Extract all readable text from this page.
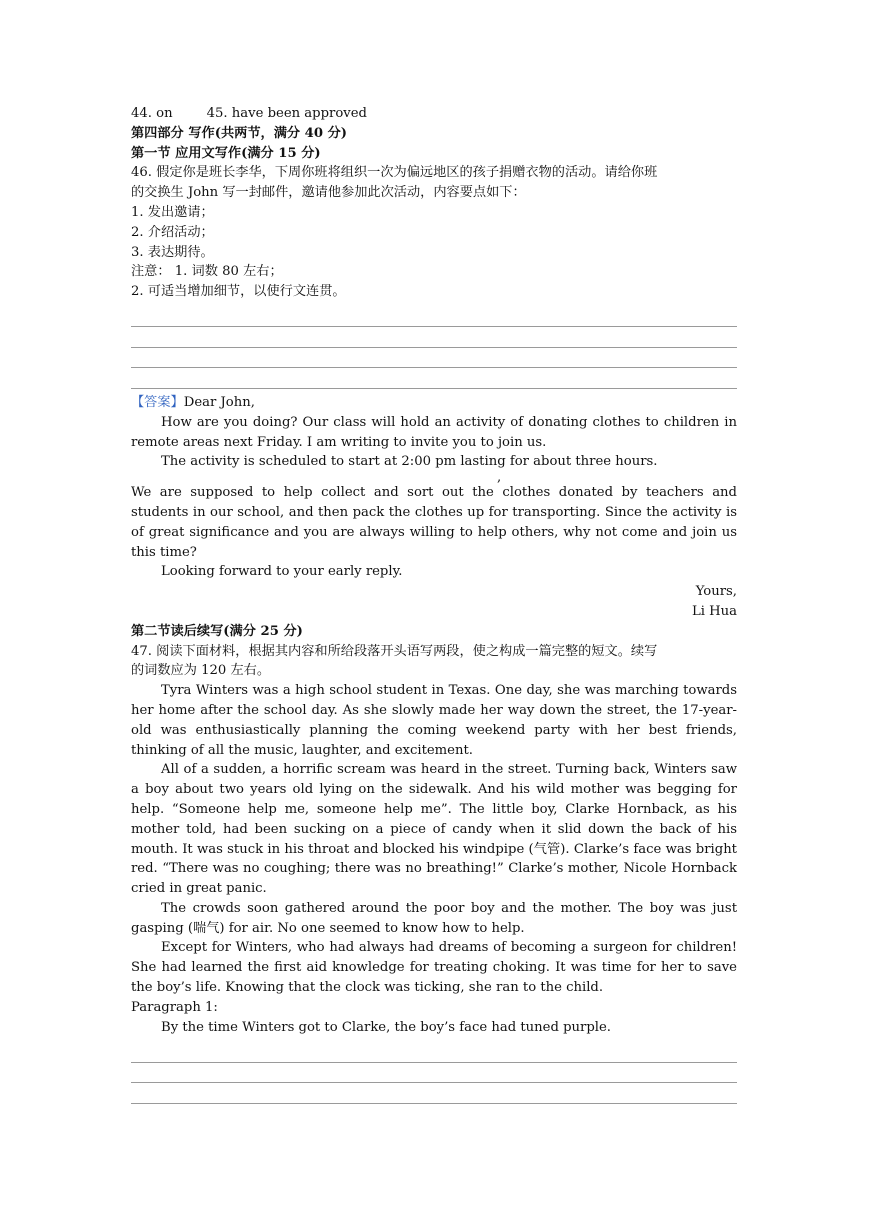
44. on	45. have been approved
第四部分 写作(共两节，满分 40 分)
第一节 应用文写作(满分 15 分)
46. 假定你是班长李华，下周你班将组织一次为偏远地区的孩子捐赠衣物的活动。请给你班
的交换生 John 写一封邮件，邀请他参加此次活动，内容要点如下：
1. 发出邀请；
2. 介绍活动；
3. 表达期待。
注意： 1. 词数 80 左右；
2. 可适当增加细节，以使行文连贯。
【答案】Dear John,
How are you doing? Our class will hold an activity of donating clothes to children in remote areas next Friday. I am writing to invite you to join us.
The activity is scheduled to start at 2:00 pm lasting for about three hours.
,
We are supposed to help collect and sort out the clothes donated by teachers and students in our school, and then pack the clothes up for transporting. Since the activity is of great significance and you are always willing to help others, why not come and join us this time?
Looking forward to your early reply.
Yours,
Li Hua
第二节读后续写(满分 25 分)
47. 阅读下面材料，根据其内容和所给段落开头语写两段，使之构成一篇完整的短文。续写
的词数应为 120 左右。
Tyra Winters was a high school student in Texas. One day, she was marching towards her home after the school day. As she slowly made her way down the street, the 17-year-old was enthusiastically planning the coming weekend party with her best friends, thinking of all the music, laughter, and excitement.
All of a sudden, a horrific scream was heard in the street. Turning back, Winters saw a boy about two years old lying on the sidewalk. And his wild mother was begging for help. “Someone help me, someone help me”. The little boy, Clarke Hornback, as his mother told, had been sucking on a piece of candy when it slid down the back of his mouth. It was stuck in his throat and blocked his windpipe (气管). Clarke’s face was bright red. “There was no coughing; there was no breathing!” Clarke’s mother, Nicole Hornback cried in great panic.
The crowds soon gathered around the poor boy and the mother. The boy was just gasping (喘气) for air. No one seemed to know how to help.
Except for Winters, who had always had dreams of becoming a surgeon for children! She had learned the first aid knowledge for treating choking. It was time for her to save the boy’s life. Knowing that the clock was ticking, she ran to the child.
Paragraph 1:
By the time Winters got to Clarke, the boy’s face had tuned purple.
